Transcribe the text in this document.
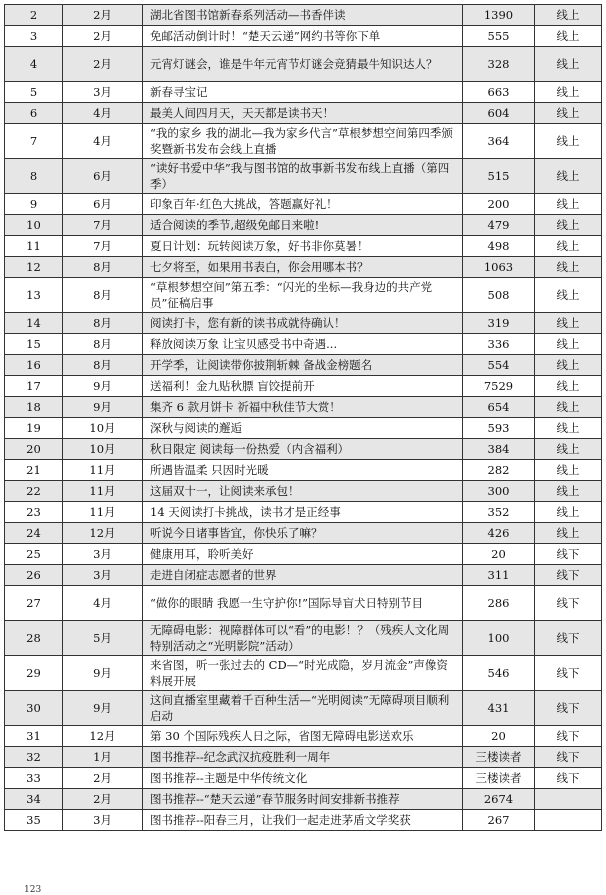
2	2月	湖北省图书馆新春系列活动—书香伴读	1390	线上
3	2月	免邮活动倒计时！“楚天云递”网约书等你下单	555	线上
4	2月	元宵灯谜会，谁是牛年元宵节灯谜会竞猜最牛知识达人？	328	线上
5	3月	新春寻宝记	663	线上
6	4月	最美人间四月天，天天都是读书天！	604	线上
7	4月	“我的家乡 我的湖北—我为家乡代言”草根梦想空间第四季颁奖暨新书发布会线上直播	364	线上
8	6月	“读好书爱中华”我与图书馆的故事新书发布线上直播（第四季）	515	线上
9	6月	印象百年·红色大挑战，答题赢好礼！	200	线上
10	7月	适合阅读的季节,超级免邮日来啦!	479	线上
11	7月	夏日计划：玩转阅读万象，好书非你莫暑！	498	线上
12	8月	七夕将至，如果用书表白，你会用哪本书？	1063	线上
13	8月	“草根梦想空间”第五季：“闪光的坐标—我身边的共产党员”征稿启事	508	线上
14	8月	阅读打卡，您有新的读书成就待确认！	319	线上
15	8月	释放阅读万象 让宝贝感受书中奇遇...	336	线上
16	8月	开学季，让阅读带你披荆斩棘 备战金榜题名	554	线上
17	9月	送福利！金九贴秋膘 盲饺提前开	7529	线上
18	9月	集齐 6 款月饼卡 祈福中秋佳节大赏！	654	线上
19	10月	深秋与阅读的邂逅	593	线上
20	10月	秋日限定 阅读每一份热爱（内含福利）	384	线上
21	11月	所遇皆温柔 只因时光暖	282	线上
22	11月	这届双十一，让阅读来承包！	300	线上
23	11月	14 天阅读打卡挑战，读书才是正经事	352	线上
24	12月	听说今日诸事皆宜，你快乐了嘛？	426	线上
25	3月	健康用耳，聆听美好	20	线下
26	3月	走进自闭症志愿者的世界	311	线下
27	4月	“做你的眼睛 我愿一生守护你!”国际导盲犬日特别节目	286	线下
28	5月	无障碍电影：视障群体可以“看”的电影！？（残疾人文化周特别活动之“光明影院”活动）	100	线下
29	9月	来省图，听一张过去的 CD—“时光成隐，岁月流金”声像资料展开展	546	线下
30	9月	这间直播室里藏着千百种生活—“光明阅读”无障碍项目顺利启动	431	线下
31	12月	第 30 个国际残疾人日之际，省图无障碍电影送欢乐	20	线下
32	1月	图书推荐--纪念武汉抗疫胜利一周年	三楼读者	线下
33	2月	图书推荐--主题是中华传统文化	三楼读者	线下
34	2月	图书推荐--“楚天云递”春节服务时间安排新书推荐	2674	
35	3月	图书推荐--阳春三月，让我们一起走进茅盾文学奖获	267	
123
